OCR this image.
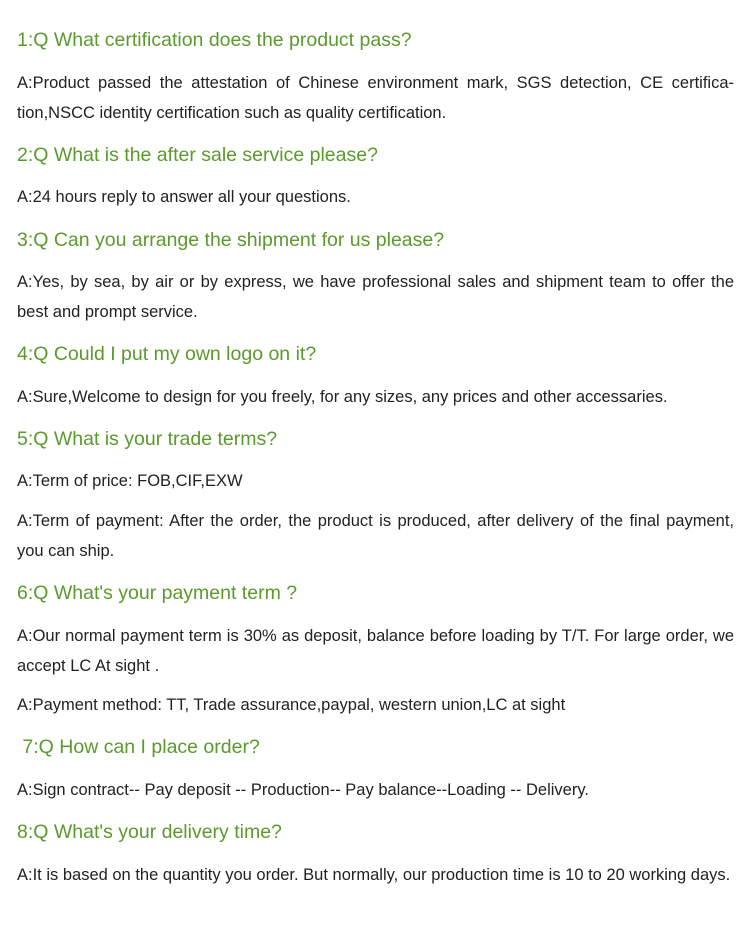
1:Q What certification does the product pass?

A:Product passed the attestation of Chinese environment mark, SGS detection, CE certifica-tion,NSCC identity certification such as quality certification.

2:Q What is the after sale service please?

A:24 hours reply to answer all your questions.

3:Q Can you arrange the shipment for us please?

A:Yes, by sea, by air or by express, we have professional sales and shipment team to offer the best and prompt service.

4:Q Could I put my own logo on it?

A:Sure,Welcome to design for you freely, for any sizes, any prices and other accessaries.

5:Q What is your trade terms?

A:Term of price: FOB,CIF,EXW

A:Term of payment: After the order, the product is produced, after delivery of the final payment, you can ship.

6:Q What's your payment term ?

A:Our normal payment term is 30% as deposit, balance before loading by T/T. For large order, we accept LC At sight .

A:Payment method: TT, Trade assurance,paypal, western union,LC at sight

7:Q How can I place order?

A:Sign contract-- Pay deposit -- Production-- Pay balance--Loading -- Delivery.

8:Q What's your delivery time?

A:It is based on the quantity you order. But normally, our production time is 10 to 20 working days.
